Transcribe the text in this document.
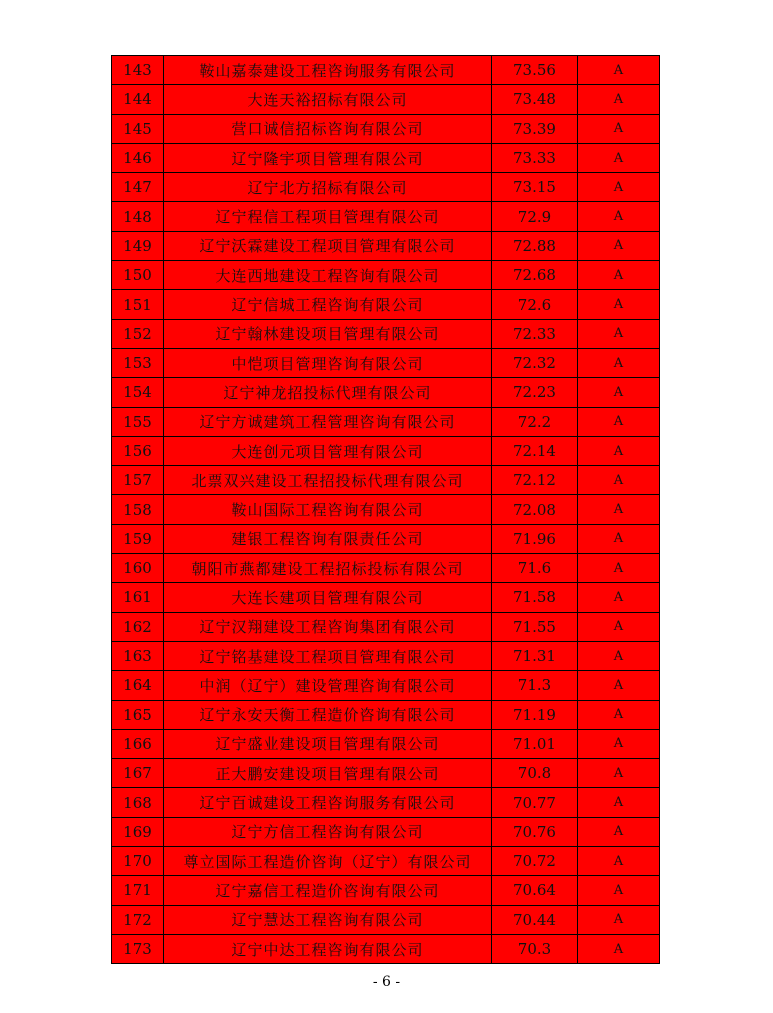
143	鞍山嘉泰建设工程咨询服务有限公司	73.56	A
144	大连天裕招标有限公司	73.48	A
145	营口诚信招标咨询有限公司	73.39	A
146	辽宁隆宇项目管理有限公司	73.33	A
147	辽宁北方招标有限公司	73.15	A
148	辽宁程信工程项目管理有限公司	72.9	A
149	辽宁沃霖建设工程项目管理有限公司	72.88	A
150	大连西地建设工程咨询有限公司	72.68	A
151	辽宁信城工程咨询有限公司	72.6	A
152	辽宁翰林建设项目管理有限公司	72.33	A
153	中恺项目管理咨询有限公司	72.32	A
154	辽宁神龙招投标代理有限公司	72.23	A
155	辽宁方诚建筑工程管理咨询有限公司	72.2	A
156	大连创元项目管理有限公司	72.14	A
157	北票双兴建设工程招投标代理有限公司	72.12	A
158	鞍山国际工程咨询有限公司	72.08	A
159	建银工程咨询有限责任公司	71.96	A
160	朝阳市燕都建设工程招标投标有限公司	71.6	A
161	大连长建项目管理有限公司	71.58	A
162	辽宁汉翔建设工程咨询集团有限公司	71.55	A
163	辽宁铭基建设工程项目管理有限公司	71.31	A
164	中润（辽宁）建设管理咨询有限公司	71.3	A
165	辽宁永安天衡工程造价咨询有限公司	71.19	A
166	辽宁盛业建设项目管理有限公司	71.01	A
167	正大鹏安建设项目管理有限公司	70.8	A
168	辽宁百诚建设工程咨询服务有限公司	70.77	A
169	辽宁方信工程咨询有限公司	70.76	A
170	尊立国际工程造价咨询（辽宁）有限公司	70.72	A
171	辽宁嘉信工程造价咨询有限公司	70.64	A
172	辽宁慧达工程咨询有限公司	70.44	A
173	辽宁中达工程咨询有限公司	70.3	A
- 6 -
